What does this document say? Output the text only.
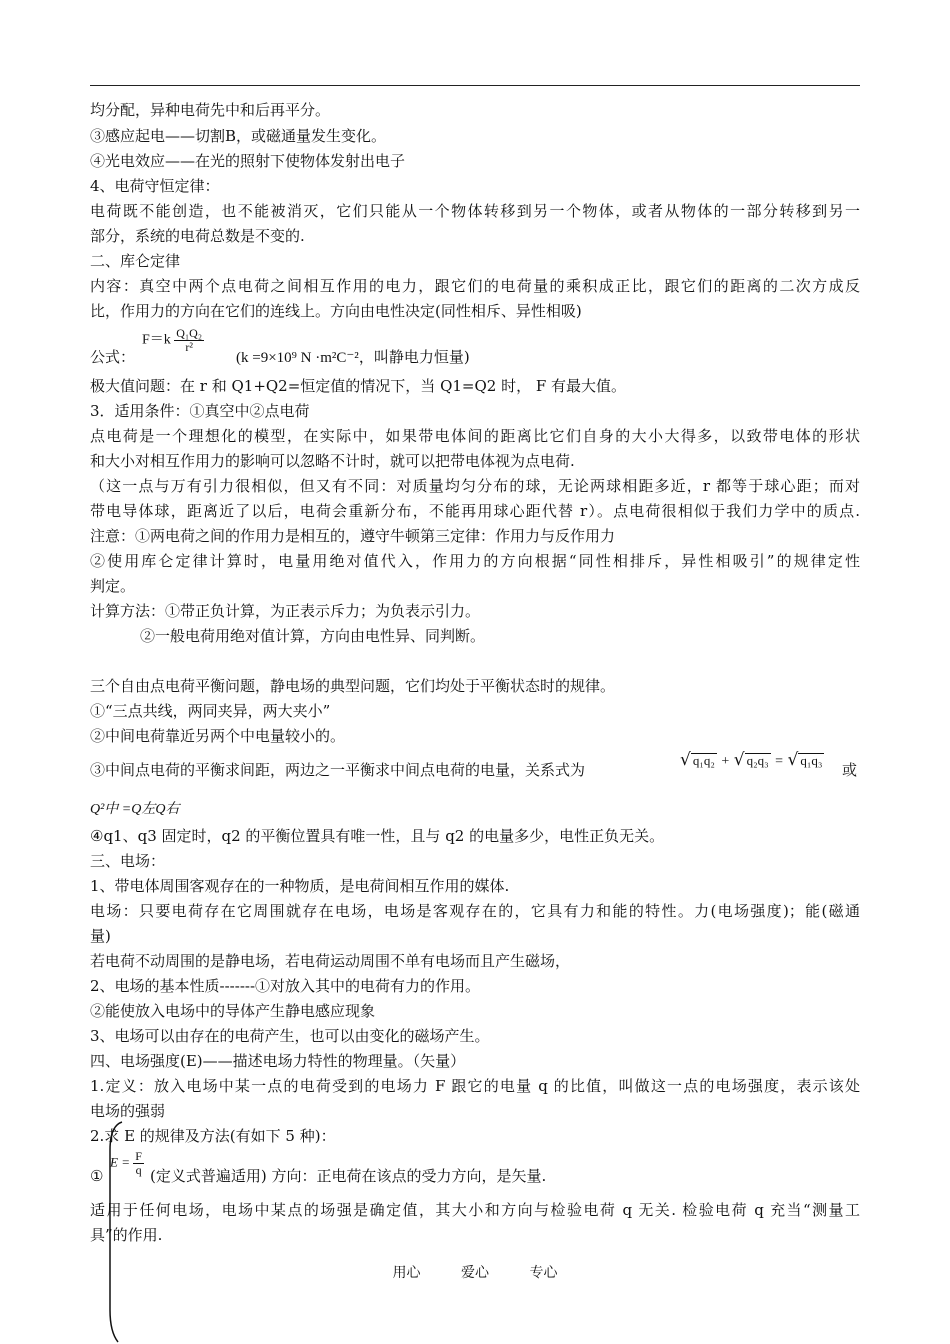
均分配，异种电荷先中和后再平分。
③感应起电——切割B，或磁通量发生变化。
④光电效应——在光的照射下使物体发射出电子
4、电荷守恒定律：
电荷既不能创造，也不能被消灭，它们只能从一个物体转移到另一个物体，或者从物体的一部分转移到另一
部分，系统的电荷总数是不变的.
二、库仑定律
内容：真空中两个点电荷之间相互作用的电力，跟它们的电荷量的乘积成正比，跟它们的距离的二次方成反
比，作用力的方向在它们的连线上。方向由电性决定(同性相斥、异性相吸)
公式：
$F=k \frac{\text{Q₁Q₂}}{\text{r²}}$
(k =9×10⁹ N ·m²C⁻²，叫静电力恒量)
极大值问题：在 r 和 Q1+Q2=恒定值的情况下，当 Q1=Q2 时， F 有最大值。
3．适用条件：①真空中②点电荷
点电荷是一个理想化的模型，在实际中，如果带电体间的距离比它们自身的大小大得多，以致带电体的形状
和大小对相互作用力的影响可以忽略不计时，就可以把带电体视为点电荷.
（这一点与万有引力很相似，但又有不同：对质量均匀分布的球，无论两球相距多近，r 都等于球心距；而对
带电导体球，距离近了以后，电荷会重新分布，不能再用球心距代替 r）。点电荷很相似于我们力学中的质点.
注意：①两电荷之间的作用力是相互的，遵守牛顿第三定律：作用力与反作用力
②使用库仑定律计算时，电量用绝对值代入，作用力的方向根据“同性相排斥，异性相吸引”的规律定性
判定。
计算方法：①带正负计算，为正表示斥力；为负表示引力。
②一般电荷用绝对值计算，方向由电性异、同判断。
三个自由点电荷平衡问题，静电场的典型问题，它们均处于平衡状态时的规律。
①“三点共线，两同夹异，两大夹小”
②中间电荷靠近另两个中电量较小的。
③中间点电荷的平衡求间距，两边之一平衡求中间点电荷的电量，关系式为	√ q₁q₂ + √ q₂q₃ = √ q₁q₃
或
Q²中 =Q左Q右
④q1、q3 固定时，q2 的平衡位置具有唯一性，且与 q2 的电量多少，电性正负无关。
三、电场：
1、带电体周围客观存在的一种物质，是电荷间相互作用的媒体.
电场：只要电荷存在它周围就存在电场，电场是客观存在的，它具有力和能的特性。力(电场强度)；能(磁通
量)
若电荷不动周围的是静电场，若电荷运动周围不单有电场而且产生磁场，
2、电场的基本性质-------①对放入其中的电荷有力的作用。
②能使放入电场中的导体产生静电感应现象
3、电场可以由存在的电荷产生，也可以由变化的磁场产生。
四、电场强度(E)——描述电场力特性的物理量。（矢量）
1.定义：放入电场中某一点的电荷受到的电场力 F 跟它的电量 q 的比值，叫做这一点的电场强度，表示该处
电场的强弱
2.求 E 的规律及方法(有如下 5 种)：
①
$E = \frac{F}{q}$ (定义式普遍适用) 方向：正电荷在该点的受力方向，是矢量.
适用于任何电场，电场中某点的场强是确定值，其大小和方向与检验电荷 q 无关. 检验电荷 q 充当“测量工
具”的作用.
用心	爱心	专心
